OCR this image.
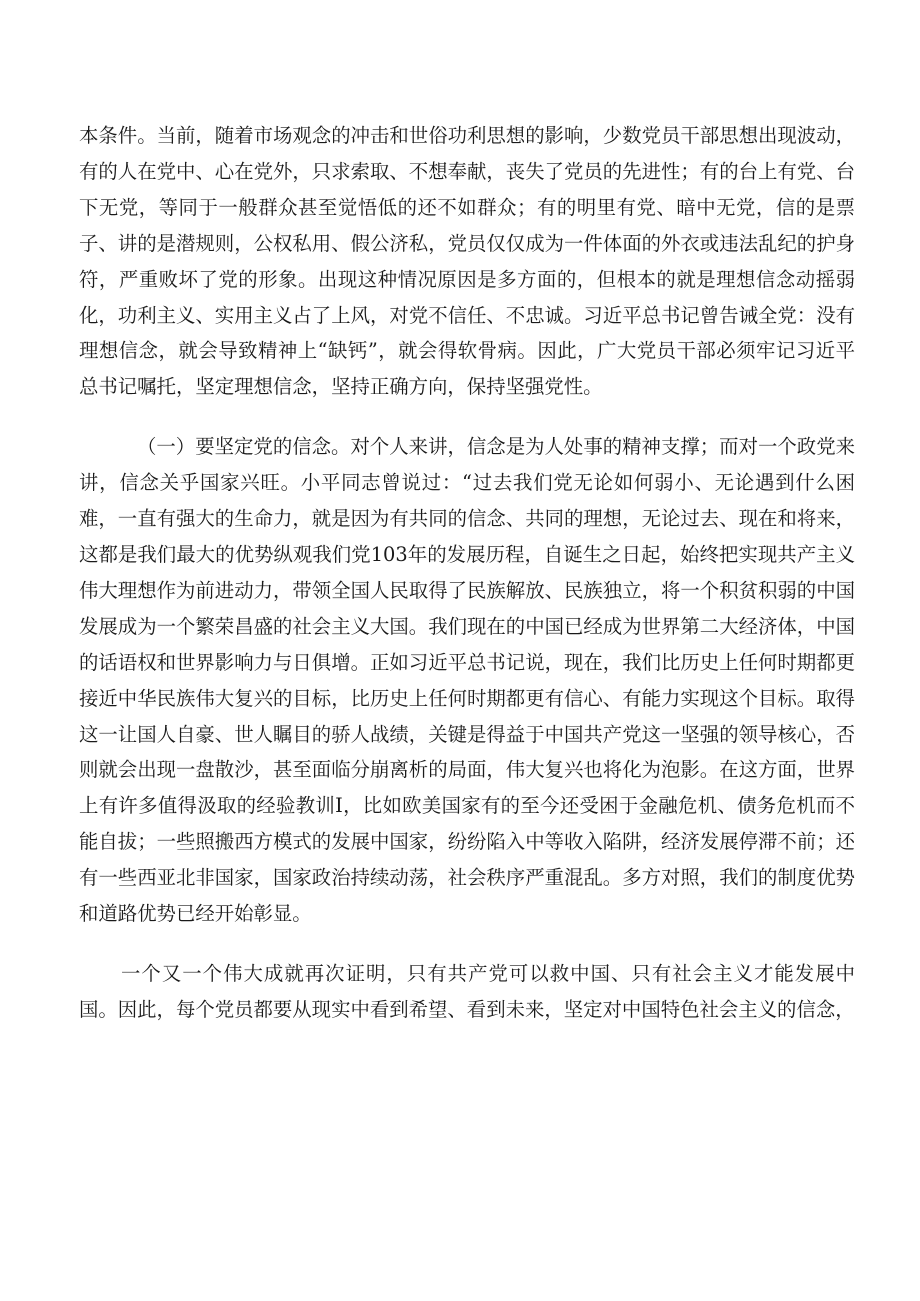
本条件。当前，随着市场观念的冲击和世俗功利思想的影响，少数党员干部思想出现波动，有的人在党中、心在党外，只求索取、不想奉献，丧失了党员的先进性；有的台上有党、台下无党，等同于一般群众甚至觉悟低的还不如群众；有的明里有党、暗中无党，信的是票子、讲的是潜规则，公权私用、假公济私，党员仅仅成为一件体面的外衣或违法乱纪的护身符，严重败坏了党的形象。出现这种情况原因是多方面的，但根本的就是理想信念动摇弱化，功利主义、实用主义占了上风，对党不信任、不忠诚。习近平总书记曾告诫全党：没有理想信念，就会导致精神上“缺钙”，就会得软骨病。因此，广大党员干部必须牢记习近平总书记嘱托，坚定理想信念，坚持正确方向，保持坚强党性。

（一）要坚定党的信念。对个人来讲，信念是为人处事的精神支撑；而对一个政党来讲，信念关乎国家兴旺。小平同志曾说过：“过去我们党无论如何弱小、无论遇到什么困难，一直有强大的生命力，就是因为有共同的信念、共同的理想，无论过去、现在和将来，这都是我们最大的优势纵观我们党103年的发展历程，自诞生之日起，始终把实现共产主义伟大理想作为前进动力，带领全国人民取得了民族解放、民族独立，将一个积贫积弱的中国发展成为一个繁荣昌盛的社会主义大国。我们现在的中国已经成为世界第二大经济体，中国的话语权和世界影响力与日俱增。正如习近平总书记说，现在，我们比历史上任何时期都更接近中华民族伟大复兴的目标，比历史上任何时期都更有信心、有能力实现这个目标。取得这一让国人自豪、世人瞩目的骄人战绩，关键是得益于中国共产党这一坚强的领导核心，否则就会出现一盘散沙，甚至面临分崩离析的局面，伟大复兴也将化为泡影。在这方面，世界上有许多值得汲取的经验教训I，比如欧美国家有的至今还受困于金融危机、债务危机而不能自拔；一些照搬西方模式的发展中国家，纷纷陷入中等收入陷阱，经济发展停滞不前；还有一些西亚北非国家，国家政治持续动荡，社会秩序严重混乱。多方对照，我们的制度优势和道路优势已经开始彰显。

一个又一个伟大成就再次证明，只有共产党可以救中国、只有社会主义才能发展中国。因此，每个党员都要从现实中看到希望、看到未来，坚定对中国特色社会主义的信念，
